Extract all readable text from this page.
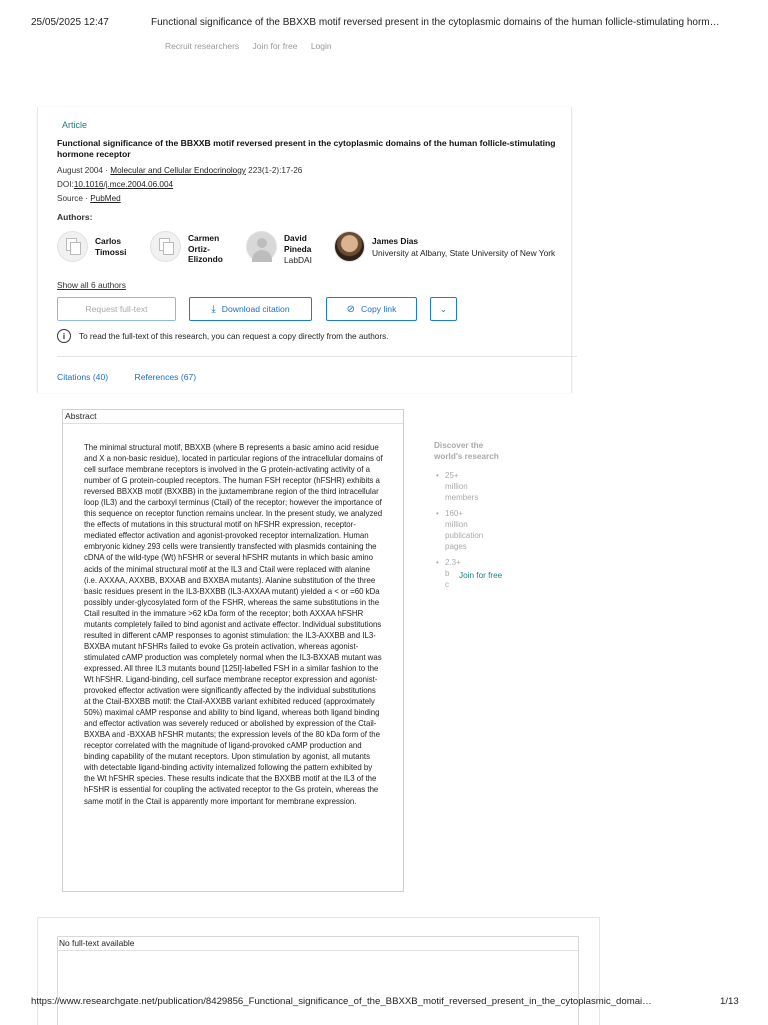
25/05/2025 12:47	Functional significance of the BBXXB motif reversed present in the cytoplasmic domains of the human follicle-stimulating horm…
Recruit researchers Join for free Login
Article
Functional significance of the BBXXB motif reversed present in the cytoplasmic domains of the human follicle-stimulating hormone receptor
August 2004 · Molecular and Cellular Endocrinology 223(1-2):17-26
DOI:10.1016/j.mce.2004.06.004
Source · PubMed
Authors:
Carlos
Timossi
Carmen
Ortiz-
Elizondo
David
Pineda
LabDAI
James Dias
University at Albany, State University of New York
Show all 6 authors
Request full-text	⤓ Download citation	⊘ Copy link	⌄
i	To read the full-text of this research, you can request a copy directly from the authors.
Citations (40)	References (67)
Abstract
The minimal structural motif, BBXXB (where B represents a basic amino acid residue and X a non-basic residue), located in particular regions of the intracellular domains of cell surface membrane receptors is involved in the G protein-activating activity of a number of G protein-coupled receptors. The human FSH receptor (hFSHR) exhibits a reversed BBXXB motif (BXXBB) in the juxtamembrane region of the third intracellular loop (IL3) and the carboxyl terminus (Ctail) of the receptor; however the importance of this sequence on receptor function remains unclear. In the present study, we analyzed the effects of mutations in this structural motif on hFSHR expression, receptor-mediated effector activation and agonist-provoked receptor internalization. Human embryonic kidney 293 cells were transiently transfected with plasmids containing the cDNA of the wild-type (Wt) hFSHR or several hFSHR mutants in which basic amino acids of the minimal structural motif at the IL3 and Ctail were replaced with alanine (i.e. AXXAA, AXXBB, BXXAB and BXXBA mutants). Alanine substitution of the three basic residues present in the IL3-BXXBB (IL3-AXXAA mutant) yielded a < or =60 kDa possibly under-glycosylated form of the FSHR, whereas the same substitutions in the Ctail resulted in the immature >62 kDa form of the receptor; both AXXAA hFSHR mutants completely failed to bind agonist and activate effector. Individual substitutions resulted in different cAMP responses to agonist stimulation: the IL3-AXXBB and IL3-BXXBA mutant hFSHRs failed to evoke Gs protein activation, whereas agonist-stimulated cAMP production was completely normal when the IL3-BXXAB mutant was expressed. All three IL3 mutants bound [125I]-labelled FSH in a similar fashion to the Wt hFSHR. Ligand-binding, cell surface membrane receptor expression and agonist-provoked effector activation were significantly affected by the individual substitutions at the Ctail-BXXBB motif: the Ctail-AXXBB variant exhibited reduced (approximately 50%) maximal cAMP response and ability to bind ligand, whereas both ligand binding and effector activation was severely reduced or abolished by expression of the Ctail-BXXBA and -BXXAB hFSHR mutants; the expression levels of the 80 kDa form of the receptor correlated with the magnitude of ligand-provoked cAMP production and binding capability of the mutant receptors. Upon stimulation by agonist, all mutants with detectable ligand-binding activity internalized following the pattern exhibited by the Wt hFSHR species. These results indicate that the BXXBB motif at the IL3 of the hFSHR is essential for coupling the activated receptor to the Gs protein, whereas the same motif in the Ctail is apparently more important for membrane expression.
Discover the
world's research
• 25+
million
members
• 160+
million
publication
pages
• 2.3+
b
c
Join for free
No full-text available
https://www.researchgate.net/publication/8429856_Functional_significance_of_the_BBXXB_motif_reversed_present_in_the_cytoplasmic_domai…	1/13
